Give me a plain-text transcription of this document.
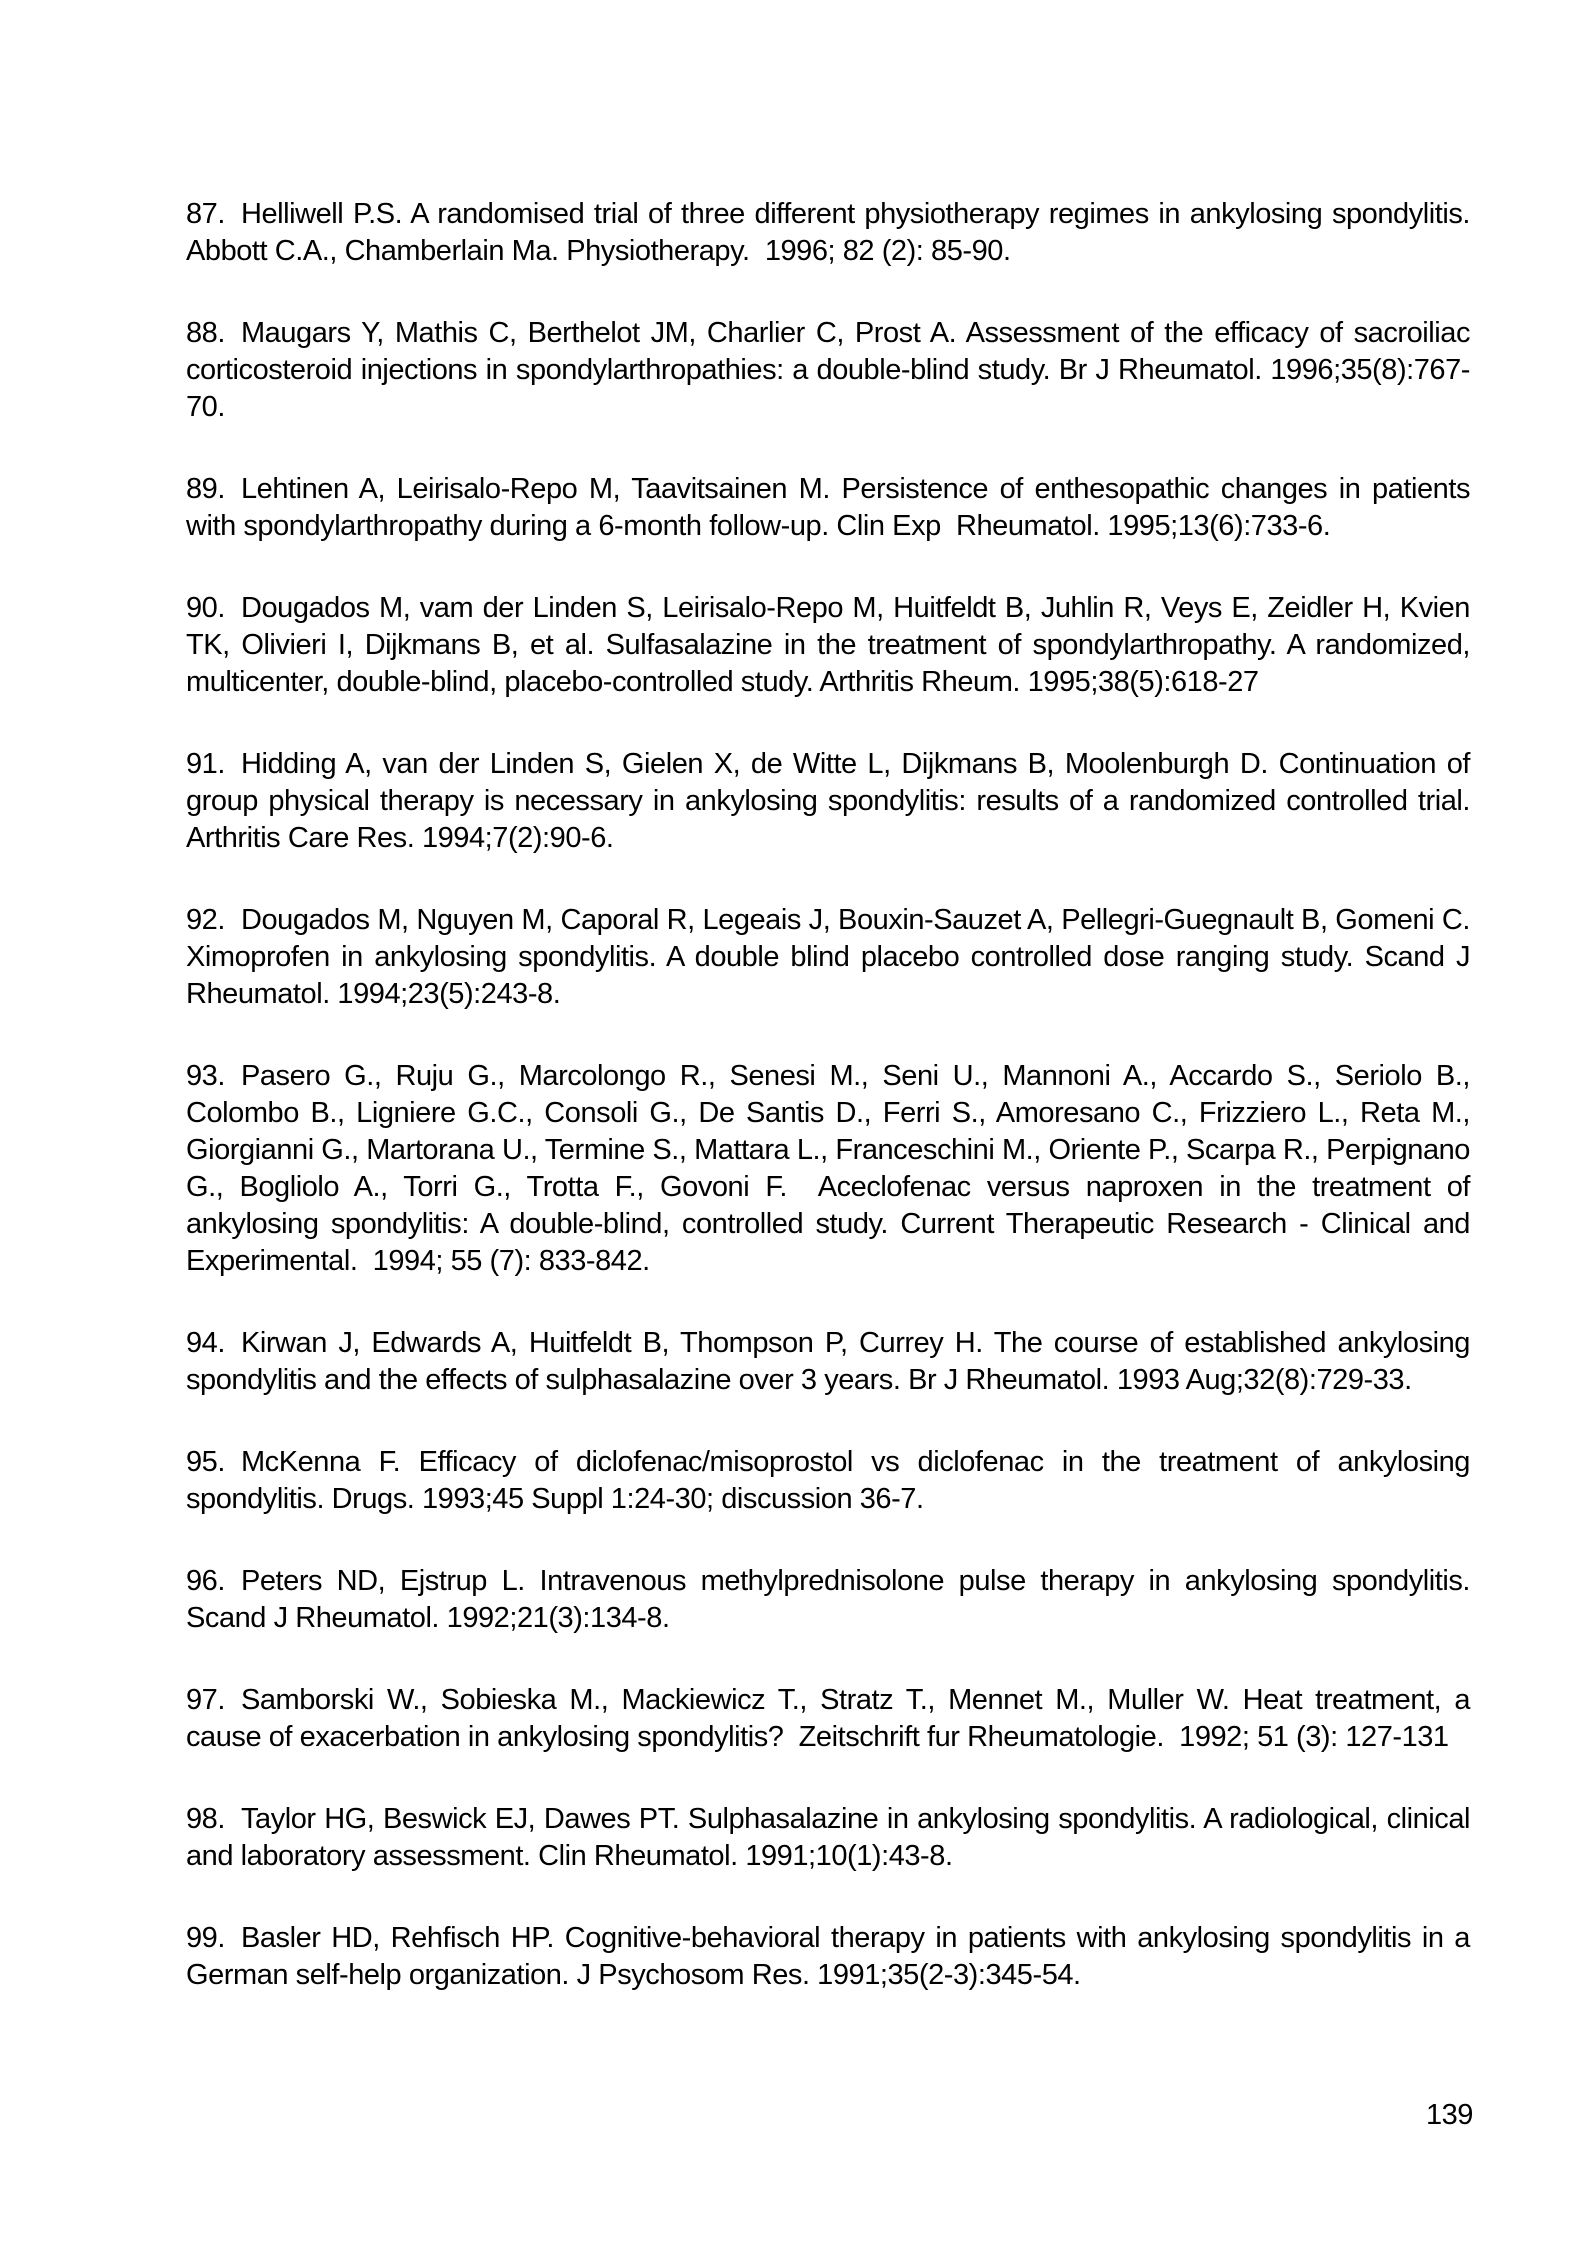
87. Helliwell P.S. A randomised trial of three different physiotherapy regimes in ankylosing spondylitis. Abbott C.A., Chamberlain Ma. Physiotherapy.  1996; 82 (2): 85-90.

88. Maugars Y, Mathis C, Berthelot JM, Charlier C, Prost A. Assessment of the efficacy of sacroiliac corticosteroid injections in spondylarthropathies: a double-blind study. Br J Rheumatol. 1996;35(8):767-70.

89. Lehtinen A, Leirisalo-Repo M, Taavitsainen M. Persistence of enthesopathic changes in patients with spondylarthropathy during a 6-month follow-up. Clin Exp  Rheumatol. 1995;13(6):733-6.

90. Dougados M, vam der Linden S, Leirisalo-Repo M, Huitfeldt B, Juhlin R, Veys E, Zeidler H, Kvien TK, Olivieri I, Dijkmans B, et al. Sulfasalazine in the treatment of spondylarthropathy. A randomized, multicenter, double-blind, placebo-controlled study. Arthritis Rheum. 1995;38(5):618-27

91. Hidding A, van der Linden S, Gielen X, de Witte L, Dijkmans B, Moolenburgh D. Continuation of group physical therapy is necessary in ankylosing spondylitis: results of a randomized controlled trial. Arthritis Care Res. 1994;7(2):90-6.

92. Dougados M, Nguyen M, Caporal R, Legeais J, Bouxin-Sauzet A, Pellegri-Guegnault B, Gomeni C. Ximoprofen in ankylosing spondylitis. A double blind placebo controlled dose ranging study. Scand J Rheumatol. 1994;23(5):243-8.

93. Pasero G., Ruju G., Marcolongo R., Senesi M., Seni U., Mannoni A., Accardo S., Seriolo B., Colombo B., Ligniere G.C., Consoli G., De Santis D., Ferri S., Amoresano C., Frizziero L., Reta M., Giorgianni G., Martorana U., Termine S., Mattara L., Franceschini M., Oriente P., Scarpa R., Perpignano G., Bogliolo A., Torri G., Trotta F., Govoni F.  Aceclofenac versus naproxen in the treatment of ankylosing spondylitis: A double-blind, controlled study. Current Therapeutic Research - Clinical and Experimental.  1994; 55 (7): 833-842.

94. Kirwan J, Edwards A, Huitfeldt B, Thompson P, Currey H. The course of established ankylosing spondylitis and the effects of sulphasalazine over 3 years. Br J Rheumatol. 1993 Aug;32(8):729-33.

95. McKenna F. Efficacy of diclofenac/misoprostol vs diclofenac in the treatment of ankylosing spondylitis. Drugs. 1993;45 Suppl 1:24-30; discussion 36-7.

96. Peters ND, Ejstrup L. Intravenous methylprednisolone pulse therapy in ankylosing spondylitis. Scand J Rheumatol. 1992;21(3):134-8.

97. Samborski W., Sobieska M., Mackiewicz T., Stratz T., Mennet M., Muller W. Heat treatment, a cause of exacerbation in ankylosing spondylitis?  Zeitschrift fur Rheumatologie.  1992; 51 (3): 127-131

98. Taylor HG, Beswick EJ, Dawes PT. Sulphasalazine in ankylosing spondylitis. A radiological, clinical and laboratory assessment. Clin Rheumatol. 1991;10(1):43-8.

99. Basler HD, Rehfisch HP. Cognitive-behavioral therapy in patients with ankylosing spondylitis in a German self-help organization. J Psychosom Res. 1991;35(2-3):345-54.

139
